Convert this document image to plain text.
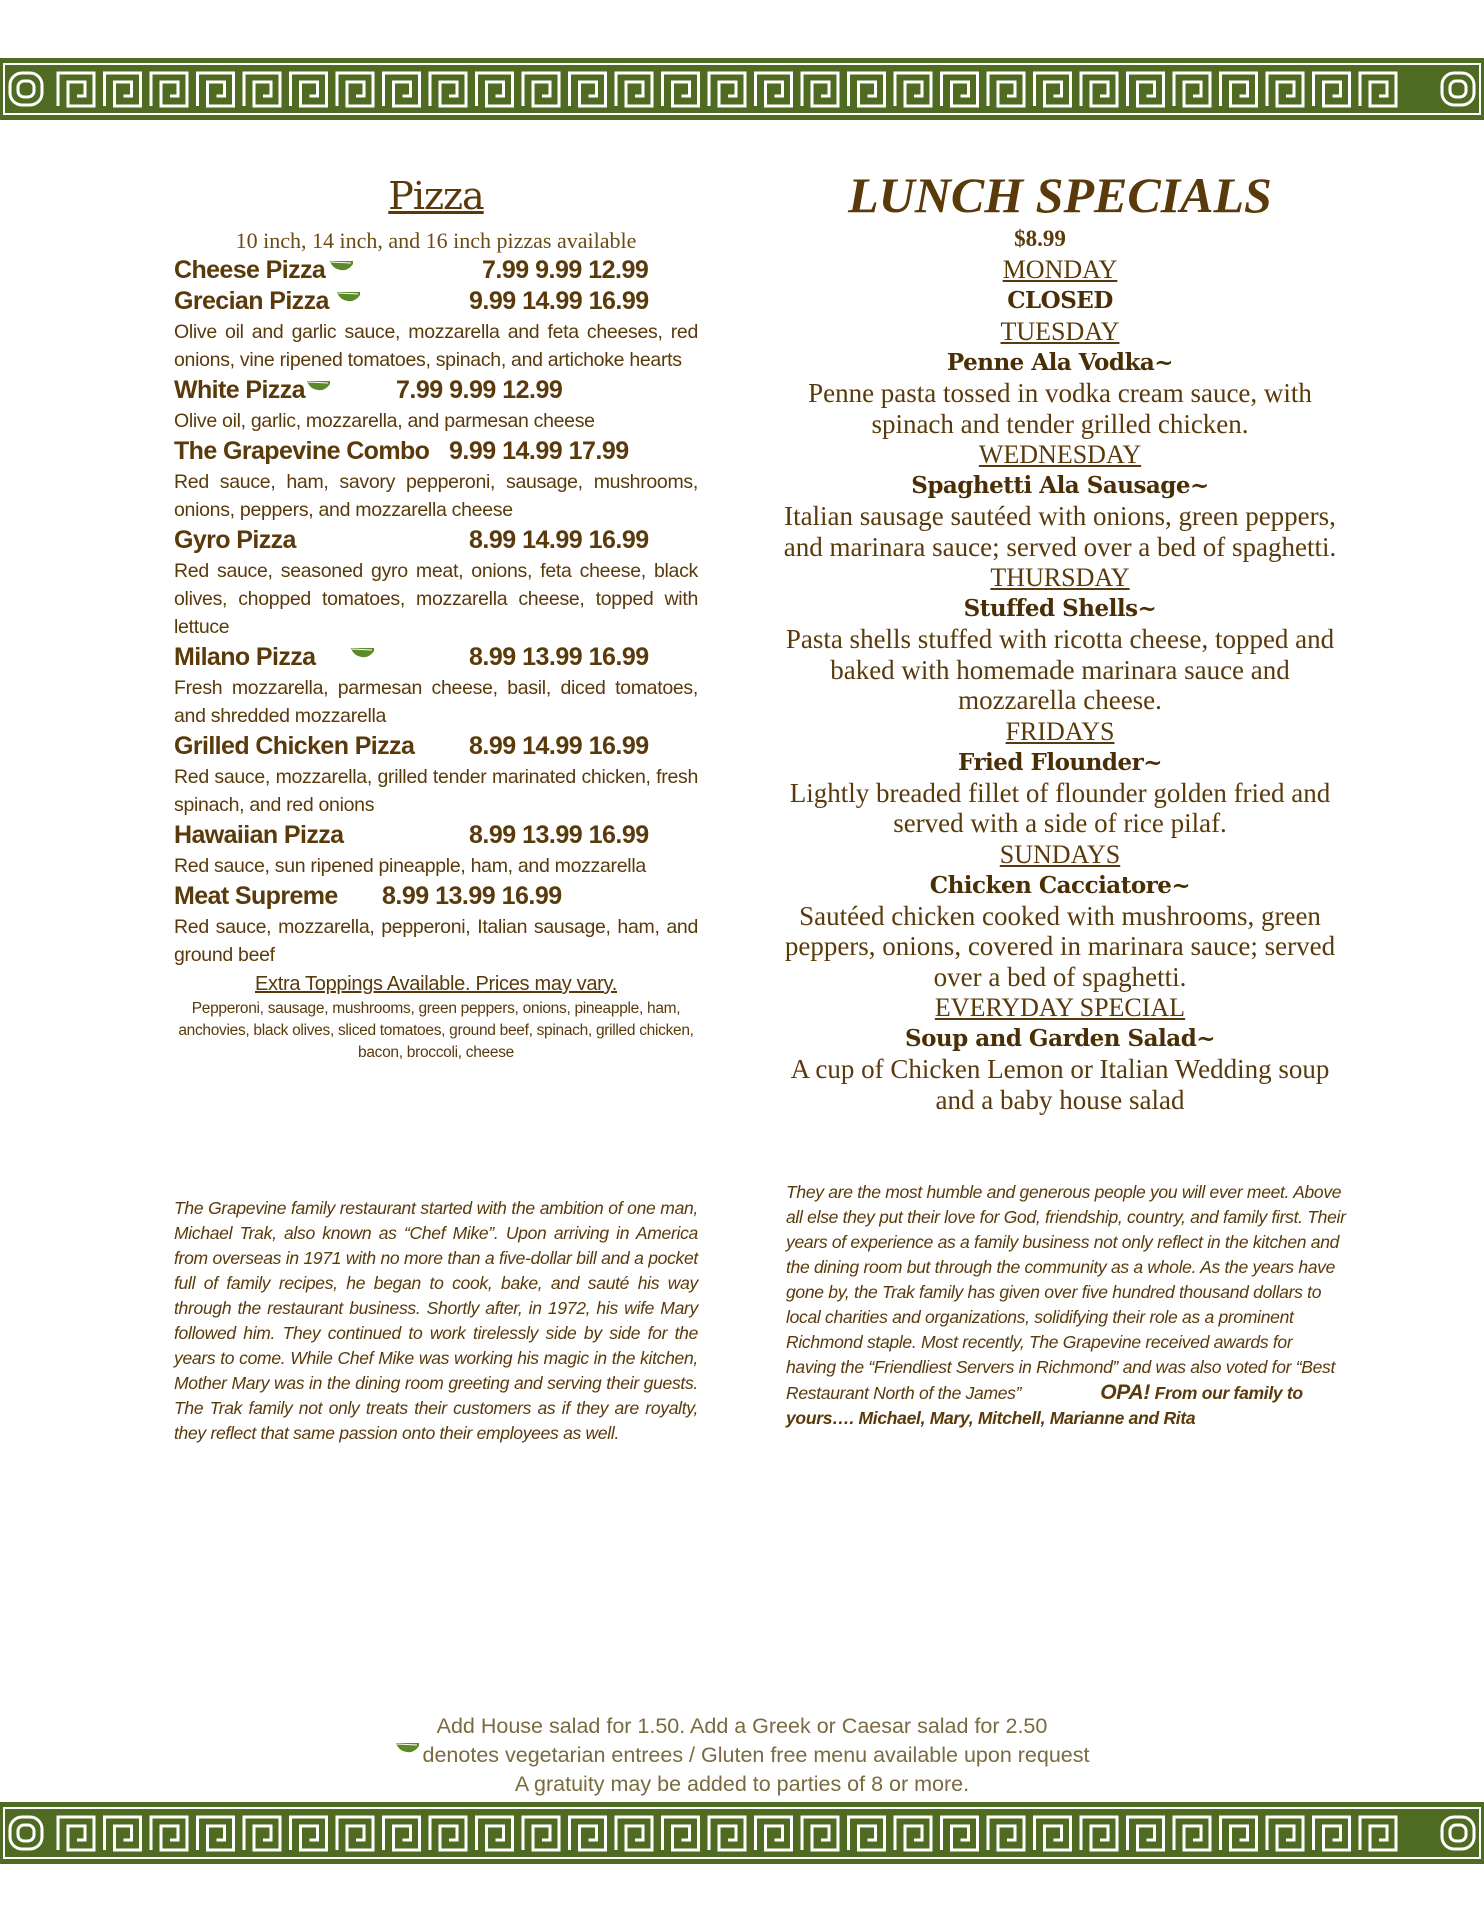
Pizza
10 inch, 14 inch, and 16 inch pizzas available
Cheese Pizza	7.99 9.99 12.99
Grecian Pizza	9.99 14.99 16.99
Olive oil and garlic sauce, mozzarella and feta cheeses, red onions, vine ripened tomatoes, spinach, and artichoke hearts
White Pizza	7.99 9.99 12.99
Olive oil, garlic, mozzarella, and parmesan cheese
The Grapevine Combo 9.99 14.99 17.99
Red sauce, ham, savory pepperoni, sausage, mushrooms, onions, peppers, and mozzarella cheese
Gyro Pizza	8.99 14.99 16.99
Red sauce, seasoned gyro meat, onions, feta cheese, black olives, chopped tomatoes, mozzarella cheese, topped with lettuce
Milano Pizza	8.99 13.99 16.99
Fresh mozzarella, parmesan cheese, basil, diced tomatoes, and shredded mozzarella
Grilled Chicken Pizza 8.99 14.99 16.99
Red sauce, mozzarella, grilled tender marinated chicken, fresh spinach, and red onions
Hawaiian Pizza	8.99 13.99 16.99
Red sauce, sun ripened pineapple, ham, and mozzarella
Meat Supreme 8.99 13.99 16.99
Red sauce, mozzarella, pepperoni, Italian sausage, ham, and ground beef
Extra Toppings Available. Prices may vary.
Pepperoni, sausage, mushrooms, green peppers, onions, pineapple, ham, anchovies, black olives, sliced tomatoes, ground beef, spinach, grilled chicken, bacon, broccoli, cheese
LUNCH SPECIALS
$8.99
MONDAY
CLOSED
TUESDAY
Penne Ala Vodka~
Penne pasta tossed in vodka cream sauce, with spinach and tender grilled chicken.
WEDNESDAY
Spaghetti Ala Sausage~
Italian sausage sautéed with onions, green peppers, and marinara sauce; served over a bed of spaghetti.
THURSDAY
Stuffed Shells~
Pasta shells stuffed with ricotta cheese, topped and baked with homemade marinara sauce and mozzarella cheese.
FRIDAYS
Fried Flounder~
Lightly breaded fillet of flounder golden fried and served with a side of rice pilaf.
SUNDAYS
Chicken Cacciatore~
Sautéed chicken cooked with mushrooms, green peppers, onions, covered in marinara sauce; served over a bed of spaghetti.
EVERYDAY SPECIAL
Soup and Garden Salad~
A cup of Chicken Lemon or Italian Wedding soup and a baby house salad
The Grapevine family restaurant started with the ambition of one man, Michael Trak, also known as “Chef Mike”. Upon arriving in America from overseas in 1971 with no more than a five-dollar bill and a pocket full of family recipes, he began to cook, bake, and sauté his way through the restaurant business. Shortly after, in 1972, his wife Mary followed him. They continued to work tirelessly side by side for the years to come. While Chef Mike was working his magic in the kitchen, Mother Mary was in the dining room greeting and serving their guests. The Trak family not only treats their customers as if they are royalty, they reflect that same passion onto their employees as well.
They are the most humble and generous people you will ever meet. Above all else they put their love for God, friendship, country, and family first. Their years of experience as a family business not only reflect in the kitchen and the dining room but through the community as a whole. As the years have gone by, the Trak family has given over five hundred thousand dollars to local charities and organizations, solidifying their role as a prominent Richmond staple. Most recently, The Grapevine received awards for having the “Friendliest Servers in Richmond” and was also voted for “Best Restaurant North of the James”	OPA! From our family to yours…. Michael, Mary, Mitchell, Marianne and Rita
Add House salad for 1.50. Add a Greek or Caesar salad for 2.50
denotes vegetarian entrees / Gluten free menu available upon request
A gratuity may be added to parties of 8 or more.
